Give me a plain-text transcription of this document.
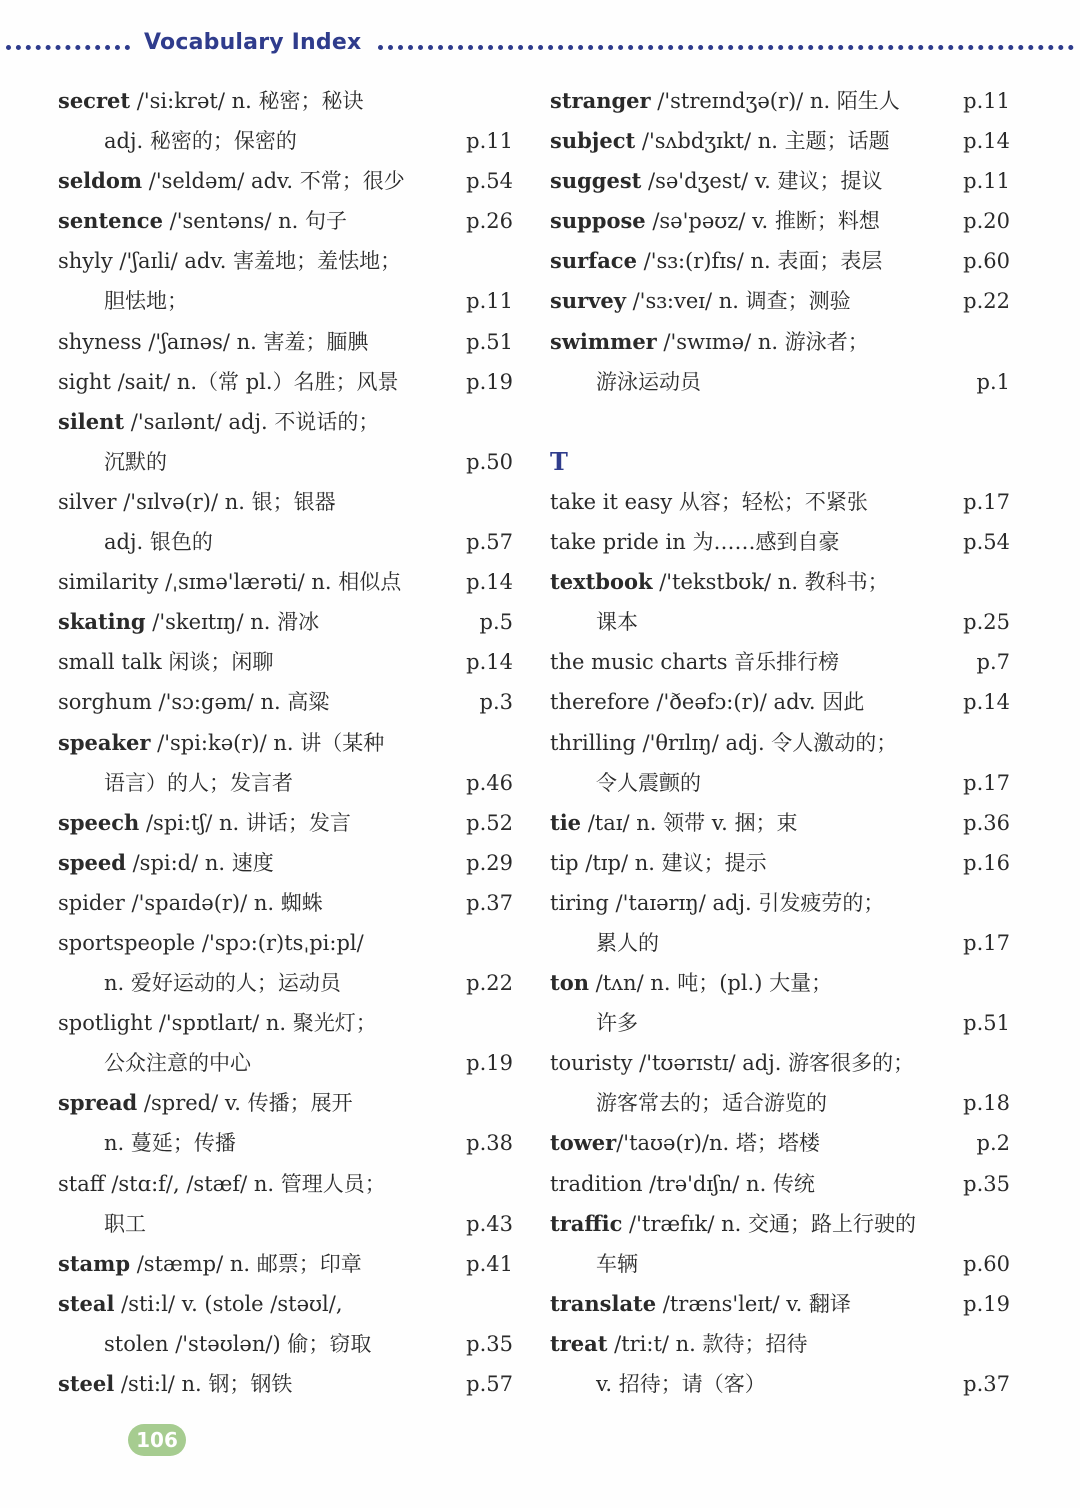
Vocabulary Index
secret /'si:krət/ n. 秘密；秘诀
adj. 秘密的；保密的	p.11
seldom /'seldəm/ adv. 不常；很少	p.54
sentence /'sentəns/ n. 句子	p.26
shyly /'ʃaɪli/ adv. 害羞地；羞怯地；
胆怯地；	p.11
shyness /'ʃaɪnəs/ n. 害羞；腼腆	p.51
sight /sait/ n.（常 pl.）名胜；风景	p.19
silent /'saɪlənt/ adj. 不说话的；
沉默的	p.50
silver /'sɪlvə(r)/ n. 银；银器
adj. 银色的	p.57
similarity /ˌsɪmə'lærəti/ n. 相似点	p.14
skating /'skeɪtɪŋ/ n. 滑冰	p.5
small talk 闲谈；闲聊	p.14
sorghum /'sɔ:gəm/ n. 高粱	p.3
speaker /'spi:kə(r)/ n. 讲（某种
语言）的人；发言者	p.46
speech /spi:tʃ/ n. 讲话；发言	p.52
speed /spi:d/ n. 速度	p.29
spider /'spaɪdə(r)/ n. 蜘蛛	p.37
sportspeople /'spɔ:(r)tsˌpi:pl/
n. 爱好运动的人；运动员	p.22
spotlight /'spɒtlaɪt/ n. 聚光灯；
公众注意的中心	p.19
spread /spred/ v. 传播；展开
n. 蔓延；传播	p.38
staff /stɑ:f/, /stæf/ n. 管理人员；
职工	p.43
stamp /stæmp/ n. 邮票；印章	p.41
steal /sti:l/ v. (stole /stəʊl/,
stolen /'stəʊlən/) 偷；窃取	p.35
steel /sti:l/ n. 钢；钢铁	p.57
stranger /'streɪndʒə(r)/ n. 陌生人	p.11
subject /'sʌbdʒɪkt/ n. 主题；话题	p.14
suggest /sə'dʒest/ v. 建议；提议	p.11
suppose /sə'pəʊz/ v. 推断；料想	p.20
surface /'sɜ:(r)fɪs/ n. 表面；表层	p.60
survey /'sɜ:veɪ/ n. 调查；测验	p.22
swimmer /'swɪmə/ n. 游泳者；
游泳运动员	p.1
T
take it easy 从容；轻松；不紧张	p.17
take pride in 为……感到自豪	p.54
textbook /'tekstbʊk/ n. 教科书；
课本	p.25
the music charts 音乐排行榜	p.7
therefore /'ðeəfɔ:(r)/ adv. 因此	p.14
thrilling /'θrɪlɪŋ/ adj. 令人激动的；
令人震颤的	p.17
tie /taɪ/ n. 领带 v. 捆；束	p.36
tip /tɪp/ n. 建议；提示	p.16
tiring /'taɪərɪŋ/ adj. 引发疲劳的；
累人的	p.17
ton /tʌn/ n. 吨；(pl.) 大量；
许多	p.51
touristy /'tʊərɪstɪ/ adj. 游客很多的；
游客常去的；适合游览的	p.18
tower/'taʊə(r)/n. 塔；塔楼	p.2
tradition /trə'dɪʃn/ n. 传统	p.35
traffic /'træfɪk/ n. 交通；路上行驶的
车辆	p.60
translate /træns'leɪt/ v. 翻译	p.19
treat /tri:t/ n. 款待；招待
v. 招待；请（客）	p.37
106
